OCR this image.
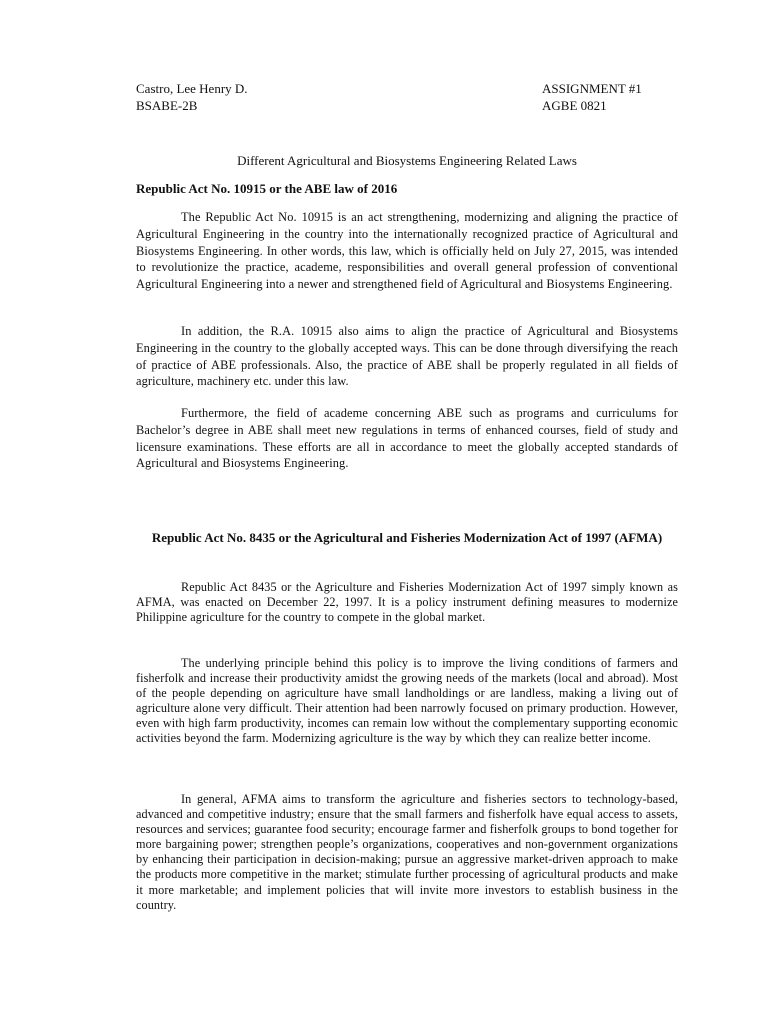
Castro, Lee Henry D.	ASSIGNMENT #1
BSABE-2B	AGBE 0821
Different Agricultural and Biosystems Engineering Related Laws
Republic Act No. 10915 or the ABE law of 2016

The Republic Act No. 10915 is an act strengthening, modernizing and aligning the practice of Agricultural Engineering in the country into the internationally recognized practice of Agricultural and Biosystems Engineering. In other words, this law, which is officially held on July 27, 2015, was intended to revolutionize the practice, academe, responsibilities and overall general profession of conventional Agricultural Engineering into a newer and strengthened field of Agricultural and Biosystems Engineering.

In addition, the R.A. 10915 also aims to align the practice of Agricultural and Biosystems Engineering in the country to the globally accepted ways. This can be done through diversifying the reach of practice of ABE professionals. Also, the practice of ABE shall be properly regulated in all fields of agriculture, machinery etc. under this law.

Furthermore, the field of academe concerning ABE such as programs and curriculums for Bachelor’s degree in ABE shall meet new regulations in terms of enhanced courses, field of study and licensure examinations. These efforts are all in accordance to meet the globally accepted standards of Agricultural and Biosystems Engineering.

Republic Act No. 8435 or the Agricultural and Fisheries Modernization Act of 1997 (AFMA)

Republic Act 8435 or the Agriculture and Fisheries Modernization Act of 1997 simply known as AFMA, was enacted on December 22, 1997. It is a policy instrument defining measures to modernize Philippine agriculture for the country to compete in the global market.

The underlying principle behind this policy is to improve the living conditions of farmers and fisherfolk and increase their productivity amidst the growing needs of the markets (local and abroad). Most of the people depending on agriculture have small landholdings or are landless, making a living out of agriculture alone very difficult. Their attention had been narrowly focused on primary production. However, even with high farm productivity, incomes can remain low without the complementary supporting economic activities beyond the farm. Modernizing agriculture is the way by which they can realize better income.

In general, AFMA aims to transform the agriculture and fisheries sectors to technology-based, advanced and competitive industry; ensure that the small farmers and fisherfolk have equal access to assets, resources and services; guarantee food security; encourage farmer and fisherfolk groups to bond together for more bargaining power; strengthen people’s organizations, cooperatives and non-government organizations by enhancing their participation in decision-making; pursue an aggressive market-driven approach to make the products more competitive in the market; stimulate further processing of agricultural products and make it more marketable; and implement policies that will invite more investors to establish business in the country.
